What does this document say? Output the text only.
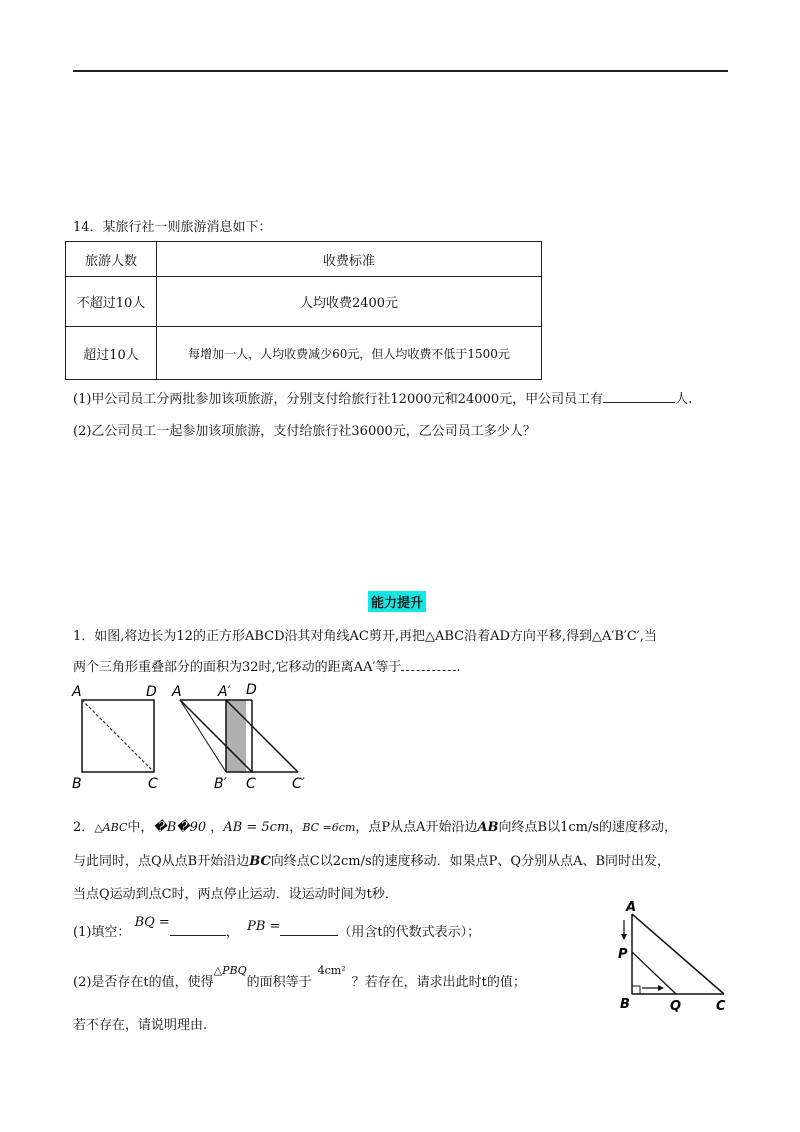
14．某旅行社一则旅游消息如下：
旅游人数	收费标准
不超过10人	人均收费2400元
超过10人	每增加一人，人均收费减少60元，但人均收费不低于1500元
(1)甲公司员工分两批参加该项旅游，分别支付给旅行社12000元和24000元，甲公司员工有	人.
(2)乙公司员工一起参加该项旅游，支付给旅行社36000元，乙公司员工多少人？
能力提升
1．如图,将边长为12的正方形ABCD沿其对角线AC剪开,再把△ABC沿着AD方向平移,得到△A′B′C′,当
两个三角形重叠部分的面积为32时,它移动的距离AA′等于	.
A	D
B	C
A	A′ D
B′ C	C′
2．△ABC中，�B�90 ，AB = 5cm，BC =6cm，点P从点A开始沿边AB向终点B以1cm/s的速度移动，
与此同时，点Q从点B开始沿边BC向终点C以2cm/s的速度移动．如果点P、Q分别从点A、B同时出发，
当点Q运动到点C时，两点停止运动．设运动时间为t秒．
(1)填空： BQ =，  PB =	（用含t的代数式表示）；
(2)是否存在t的值，使得$^{\triangle PBQ}$的面积等于$^{4cm^2}$？若存在，请求出此时t的值；
若不存在，请说明理由.
A
P
B	Q	C
